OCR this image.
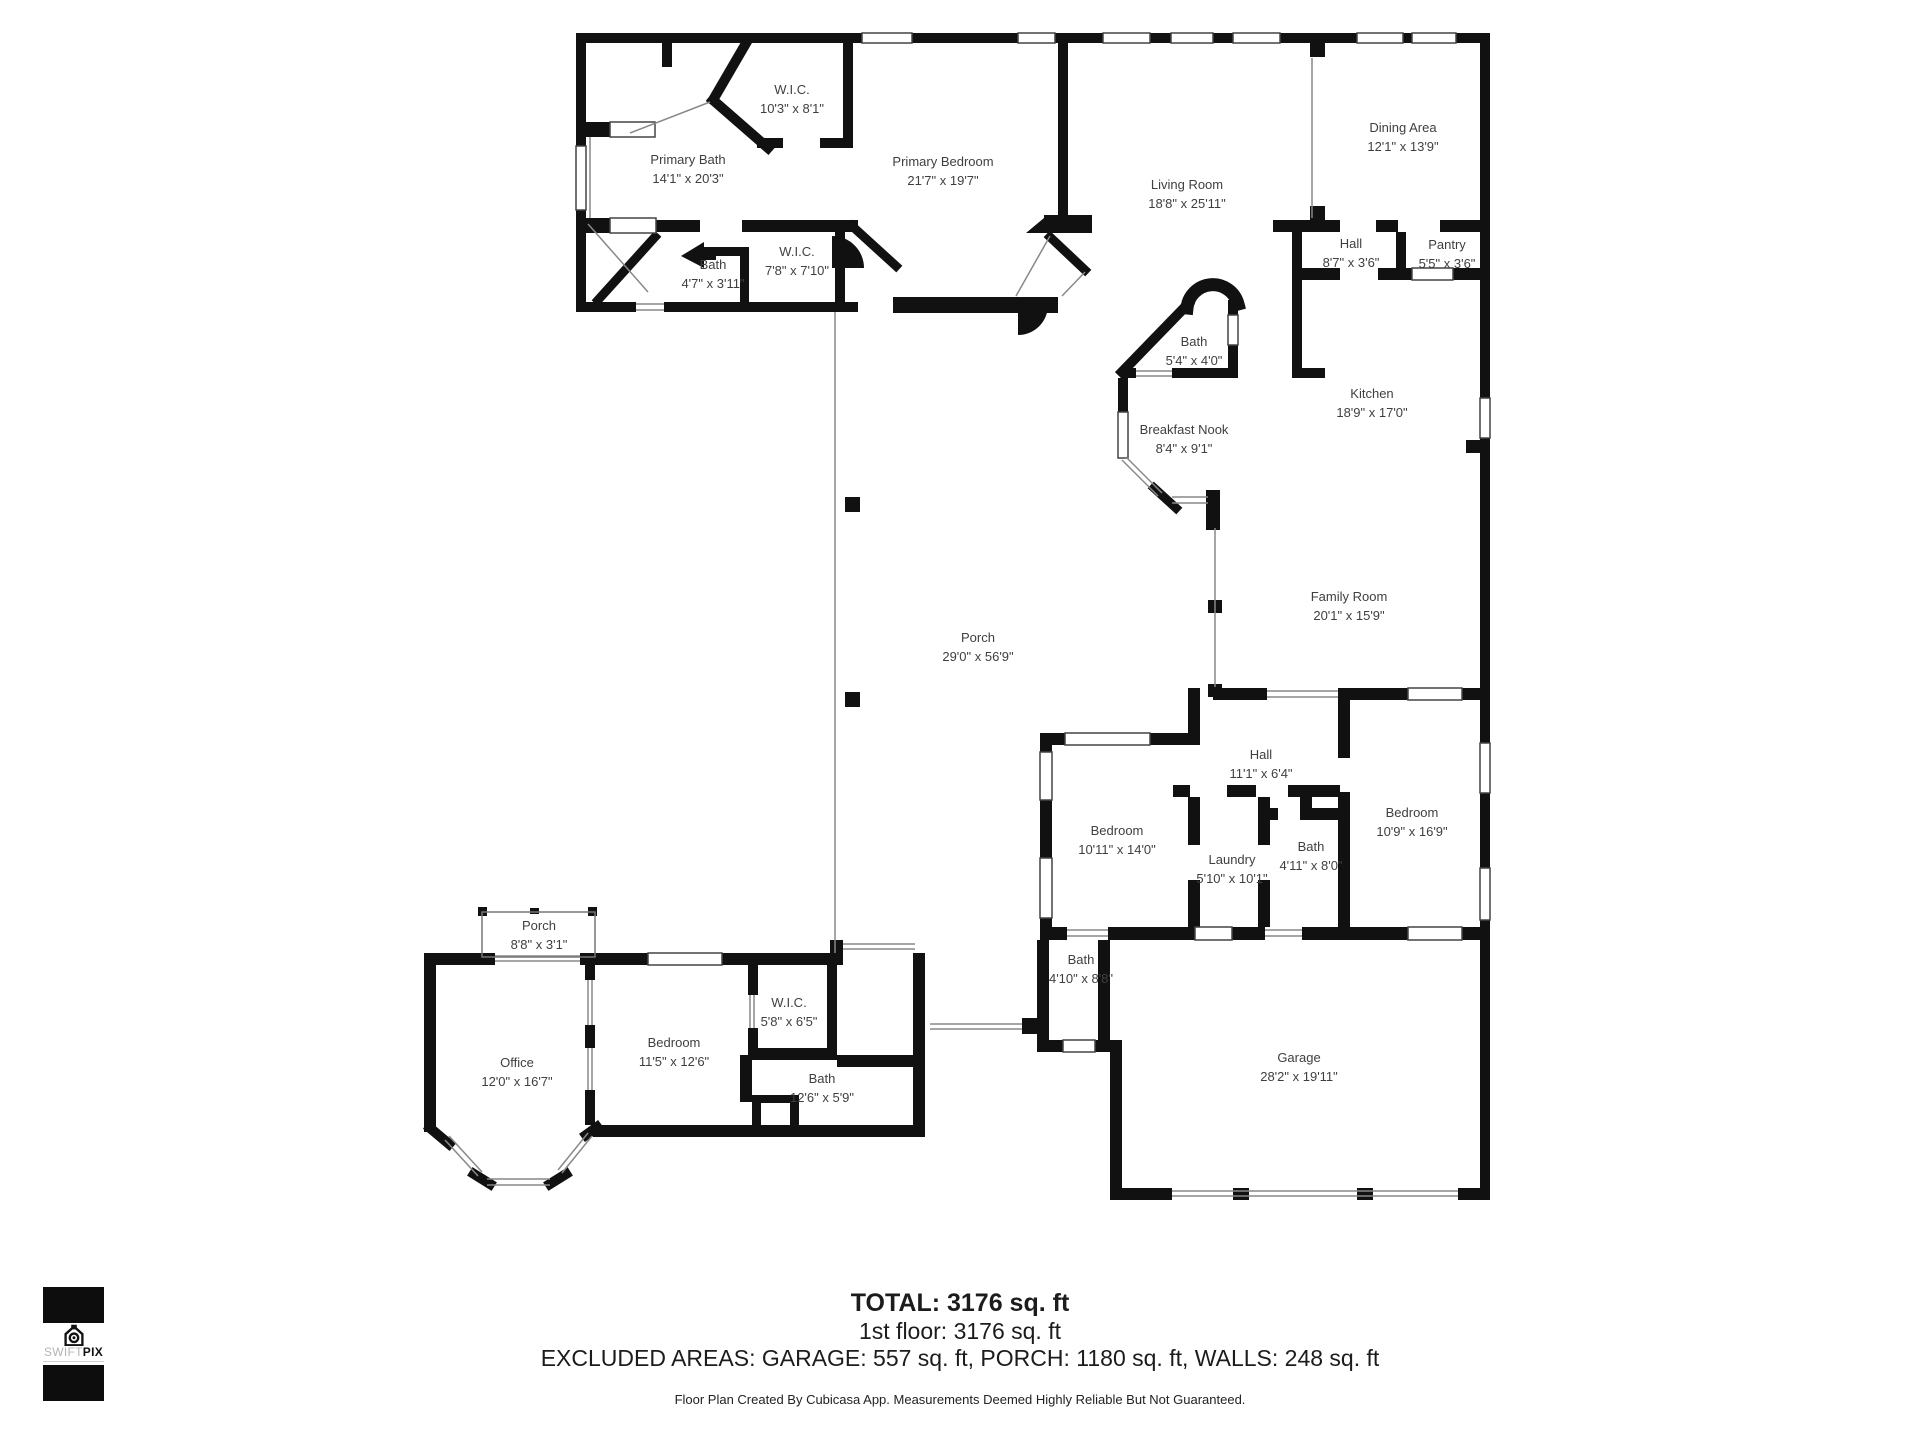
W.I.C.
10'3" x 8'1"
Primary Bath
14'1" x 20'3"
Primary Bedroom
21'7" x 19'7"	Living Room
18'8" x 25'11"
Dining Area
12'1" x 13'9"
Hall
8'7" x 3'6"
Pantry
5'5" x 3'6"
Bath
4'7" x 3'11"
W.I.C.
7'8" x 7'10"
Bath
5'4" x 4'0"
Kitchen
18'9" x 17'0"
Breakfast Nook
8'4" x 9'1"
Family Room
20'1" x 15'9"
Porch
29'0" x 56'9"
Hall
11'1" x 6'4"
Bedroom
10'11" x 14'0"
Laundry
5'10" x 10'1"
Bath
4'11" x 8'0"
Bedroom
10'9" x 16'9"
Bath
4'10" x 8'8"
Garage
28'2" x 19'11"
Porch
8'8" x 3'1"
Office
12'0" x 16'7"
Bedroom
11'5" x 12'6"
W.I.C.
5'8" x 6'5"
Bath
12'6" x 5'9"
TOTAL: 3176 sq. ft
1st floor: 3176 sq. ft
EXCLUDED AREAS: GARAGE: 557 sq. ft, PORCH: 1180 sq. ft, WALLS: 248 sq. ft
Floor Plan Created By Cubicasa App. Measurements Deemed Highly Reliable But Not Guaranteed.
SWIFTPIX
